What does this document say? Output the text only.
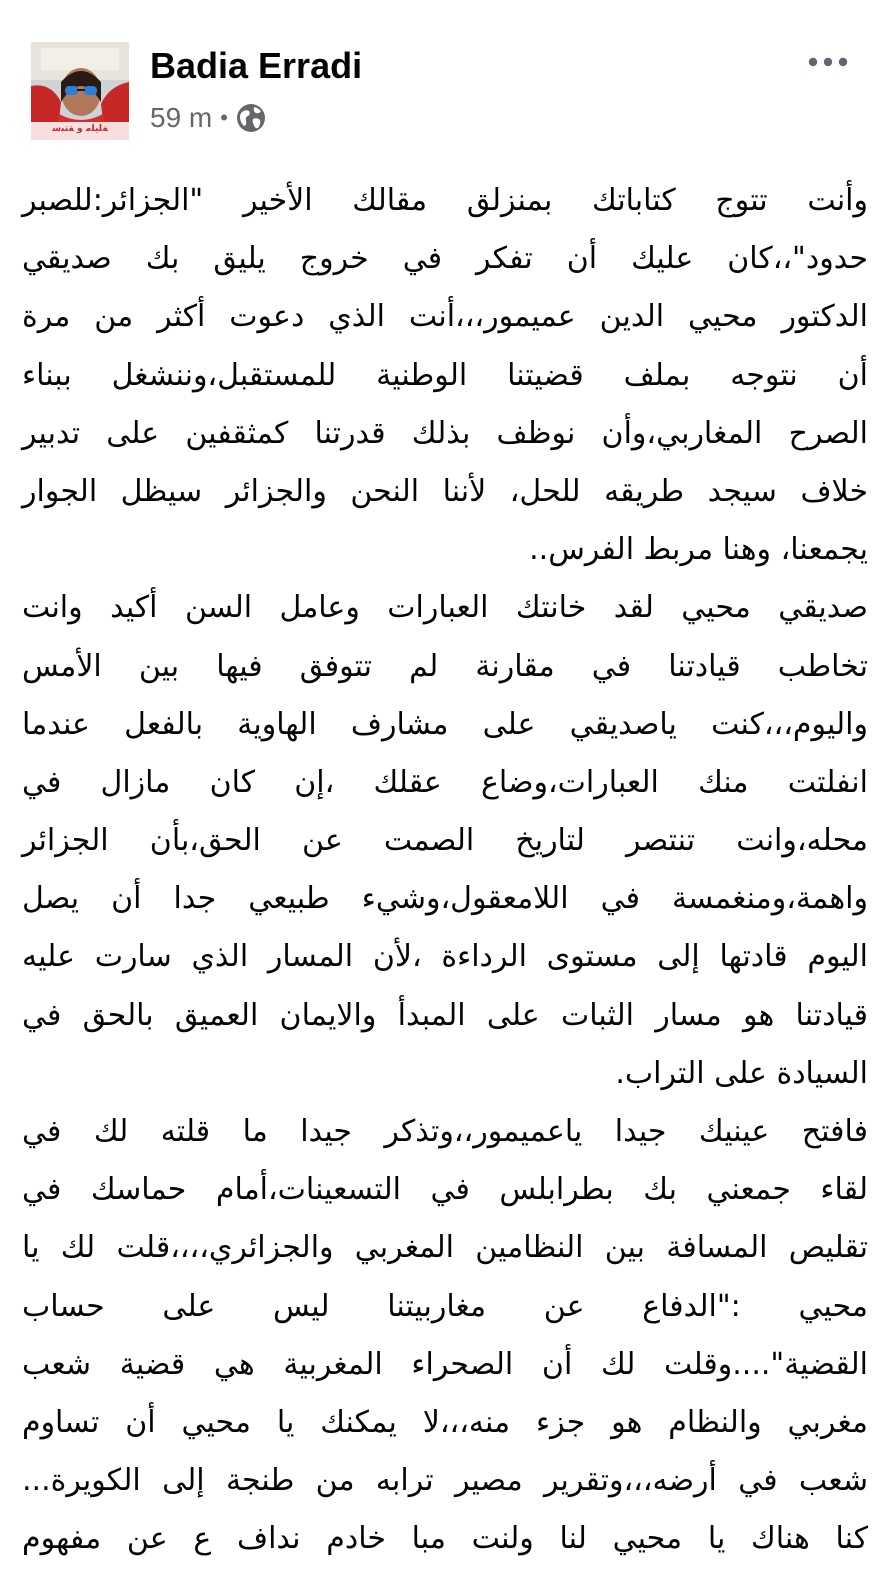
ﺔﻠﻴﻠﻣ ﻭ ﺔﺘﺒﺳ
Badia Erradi
59 m •
وأنت تتوج كتاباتك بمنزلق مقالك الأخير "الجزائر:للصبر
حدود"،،كان عليك أن تفكر في خروج يليق بك صديقي
الدكتور محيي الدين عميمور،،،أنت الذي دعوت أكثر من مرة
أن نتوجه بملف قضيتنا الوطنية للمستقبل،وننشغل ببناء
الصرح المغاربي،وأن نوظف بذلك قدرتنا كمثقفين على تدبير
خلاف سيجد طريقه للحل، لأننا النحن والجزائر سيظل الجوار
يجمعنا، وهنا مربط الفرس..
صديقي محيي لقد خانتك العبارات وعامل السن أكيد وانت
تخاطب قيادتنا في مقارنة لم تتوفق فيها بين الأمس
واليوم،،،كنت ياصديقي على مشارف الهاوية بالفعل عندما
انفلتت منك العبارات،وضاع عقلك ،إن كان مازال في
محله،وانت تنتصر لتاريخ الصمت عن الحق،بأن الجزائر
واهمة،ومنغمسة في اللامعقول،وشيء طبيعي جدا أن يصل
اليوم قادتها إلى مستوى الرداءة ،لأن المسار الذي سارت عليه
قيادتنا هو مسار الثبات على المبدأ والايمان العميق بالحق في
السيادة على التراب.
فافتح عينيك جيدا ياعميمور،،وتذكر جيدا ما قلته لك في
لقاء جمعني بك بطرابلس في التسعينات،أمام حماسك في
تقليص المسافة بين النظامين المغربي والجزائري،،،،قلت لك يا
محيي :"الدفاع عن مغاربيتنا ليس على حساب
القضية"....وقلت لك أن الصحراء المغربية هي قضية شعب
مغربي والنظام هو جزء منه،،،لا يمكنك يا محيي أن تساوم
شعب في أرضه،،،وتقرير مصير ترابه من طنجة إلى الكويرة...
كنا هناك يا محيي لنا ولنت مبا خادم نداف ع عن مفهوم
